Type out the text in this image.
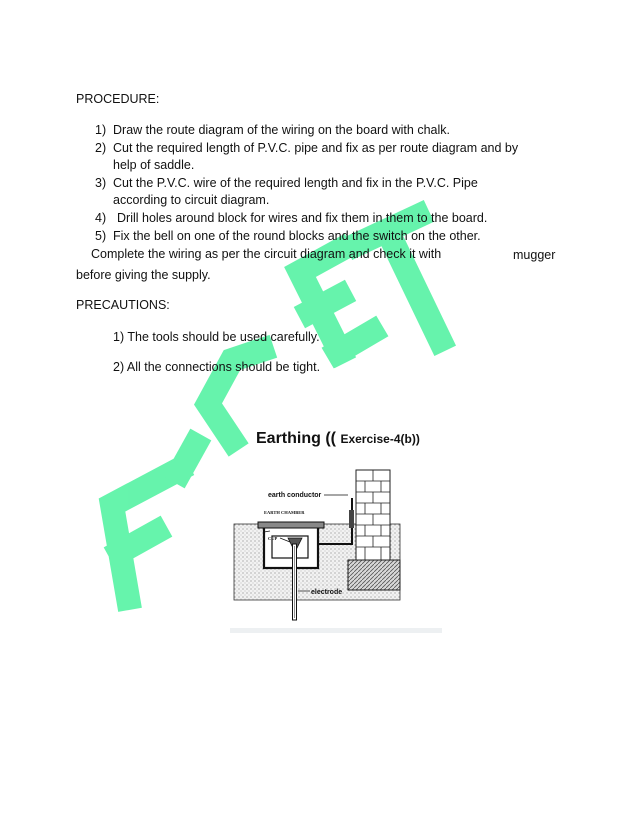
PROCEDURE:
1) Draw the route diagram of the wiring on the board with chalk.
2) Cut the required length of P.V.C. pipe and fix as per route diagram and by
help of saddle.
3) Cut the P.V.C. wire of the required length and fix in the P.V.C. Pipe
according to circuit diagram.
4) Drill holes around block for wires and fix them in them to the board.
5) Fix the bell on one of the round blocks and the switch on the other.
Complete the wiring as per the circuit diagram and check it with	mugger
before giving the supply.
PRECAUTIONS:
1) The tools should be used carefully.
2) All the connections should be tight.
Earthing (( Exercise-4(b))
earth conductor
EARTH CHAMBER
CUP
electrode
